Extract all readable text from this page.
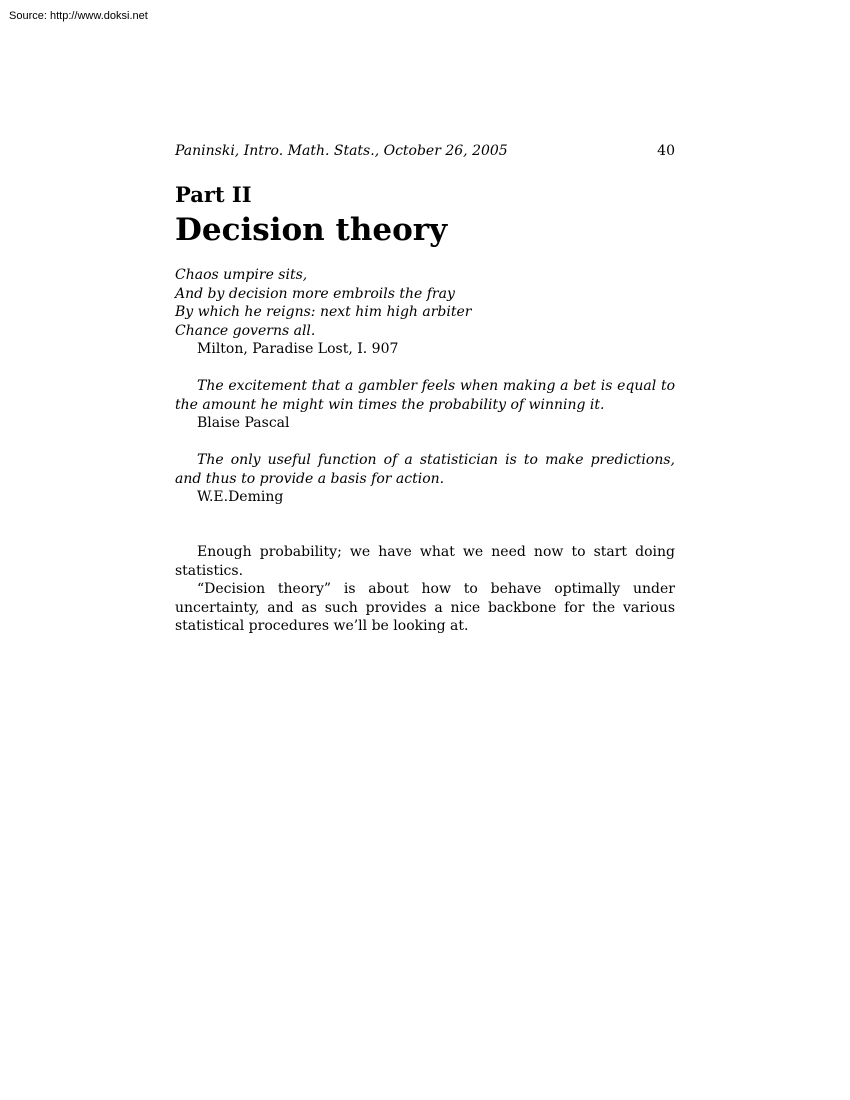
Source: http://www.doksi.net
Paninski, Intro. Math. Stats., October 26, 2005	40
Part II
Decision theory
Chaos umpire sits,
And by decision more embroils the fray
By which he reigns: next him high arbiter
Chance governs all.
Milton, Paradise Lost, I. 907
The excitement that a gambler feels when making a bet is equal to the amount he might win times the probability of winning it.
Blaise Pascal
The only useful function of a statistician is to make predictions, and thus to provide a basis for action.
W.E.Deming

Enough probability; we have what we need now to start doing statistics.

“Decision theory” is about how to behave optimally under uncertainty, and as such provides a nice backbone for the various statistical procedures we’ll be looking at.
